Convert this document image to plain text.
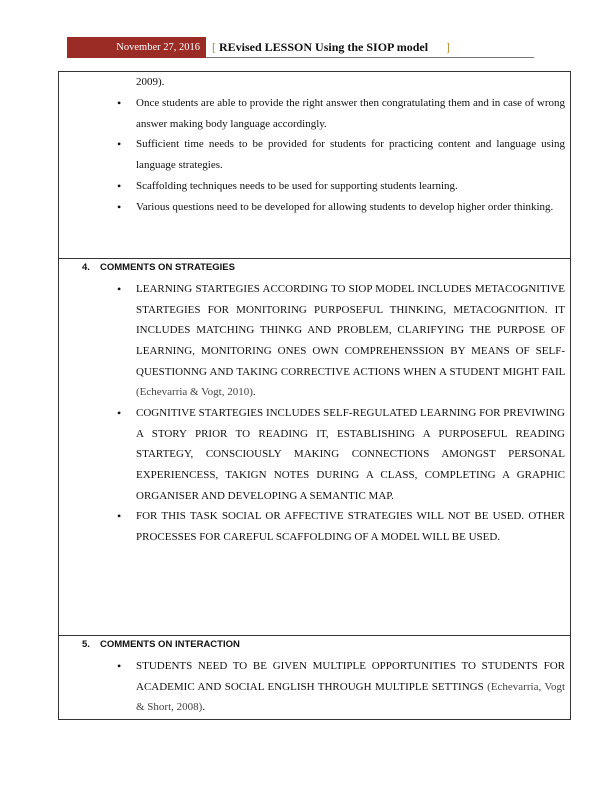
November 27, 2016	[ REvised LESSON Using the SIOP model ]
2009).
• Once students are able to provide the right answer then congratulating them and in case of wrong answer making body language accordingly.
• Sufficient time needs to be provided for students for practicing content and language using language strategies.
• Scaffolding techniques needs to be used for supporting students learning.
• Various questions need to be developed for allowing students to develop higher order thinking.
4. COMMENTS ON STRATEGIES
• LEARNING STARTEGIES ACCORDING TO SIOP MODEL INCLUDES METACOGNITIVE STARTEGIES FOR MONITORING PURPOSEFUL THINKING, METACOGNITION. IT INCLUDES MATCHING THINKG AND PROBLEM, CLARIFYING THE PURPOSE OF LEARNING, MONITORING ONES OWN COMPREHENSSION BY MEANS OF SELF-QUESTIONNG AND TAKING CORRECTIVE ACTIONS WHEN A STUDENT MIGHT FAIL (Echevarria & Vogt, 2010).
• COGNITIVE STARTEGIES INCLUDES SELF-REGULATED LEARNING FOR PREVIWING A STORY PRIOR TO READING IT, ESTABLISHING A PURPOSEFUL READING STARTEGY, CONSCIOUSLY MAKING CONNECTIONS AMONGST PERSONAL EXPERIENCESS, TAKIGN NOTES DURING A CLASS, COMPLETING A GRAPHIC ORGANISER AND DEVELOPING A SEMANTIC MAP.
• FOR THIS TASK SOCIAL OR AFFECTIVE STRATEGIES WILL NOT BE USED. OTHER PROCESSES FOR CAREFUL SCAFFOLDING OF A MODEL WILL BE USED.
5. COMMENTS ON INTERACTION
• STUDENTS NEED TO BE GIVEN MULTIPLE OPPORTUNITIES TO STUDENTS FOR ACADEMIC AND SOCIAL ENGLISH THROUGH MULTIPLE SETTINGS (Echevarria, Vogt & Short, 2008).
